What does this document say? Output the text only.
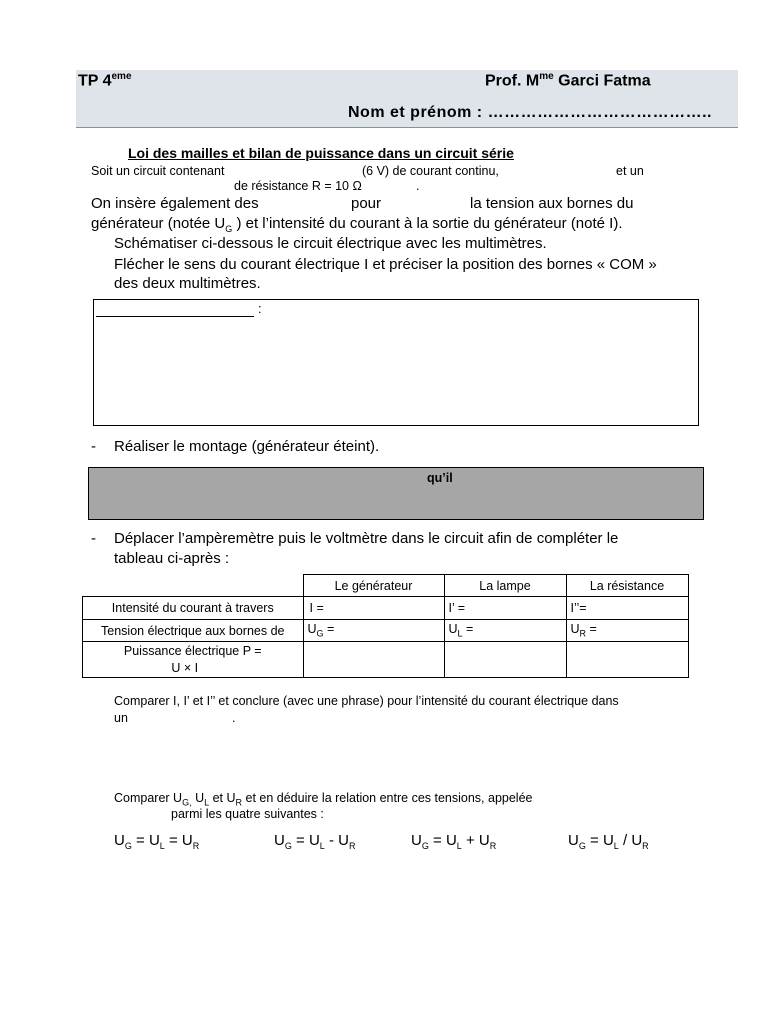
TP 4eme	Prof. $M^{me}$ Garci Fatma
Nom et prénom : …………………………………..
Loi des mailles et bilan de puissance dans un circuit série
Soit un circuit contenant	(6 V) de courant continu,	et un
de résistance R = 10 Ω	.
On insère également des	pour	la tension aux bornes du
générateur (notée $U_G$ ) et l’intensité du courant à la sortie du générateur (noté I).
Schématiser ci-dessous le circuit électrique avec les multimètres.
Flécher le sens du courant électrique I et préciser la position des bornes « COM »
des deux multimètres.
:
- Réaliser le montage (générateur éteint).
qu’il
- Déplacer l’ampèremètre puis le voltmètre dans le circuit afin de compléter le
tableau ci-après :
	Le générateur	La lampe	La résistance
Intensité du courant à travers	I =	I’ =	I’’=
Tension électrique aux bornes de	$U_G$ =	$U_L$ =	$U_R$ =

Puissance électrique P =
U × I			

Comparer I, I’ et I’’ et conclure (avec une phrase) pour l’intensité du courant électrique dans
un	.
Comparer $U_{G,}$ $U_L$ et $U_R$ et en déduire la relation entre ces tensions, appelée
parmi les quatre suivantes :
$U_G = U_L = U_R$	$U_G = U_L - U_R$	$U_G = U_L + U_R$	$U_G = U_L / U_R$
